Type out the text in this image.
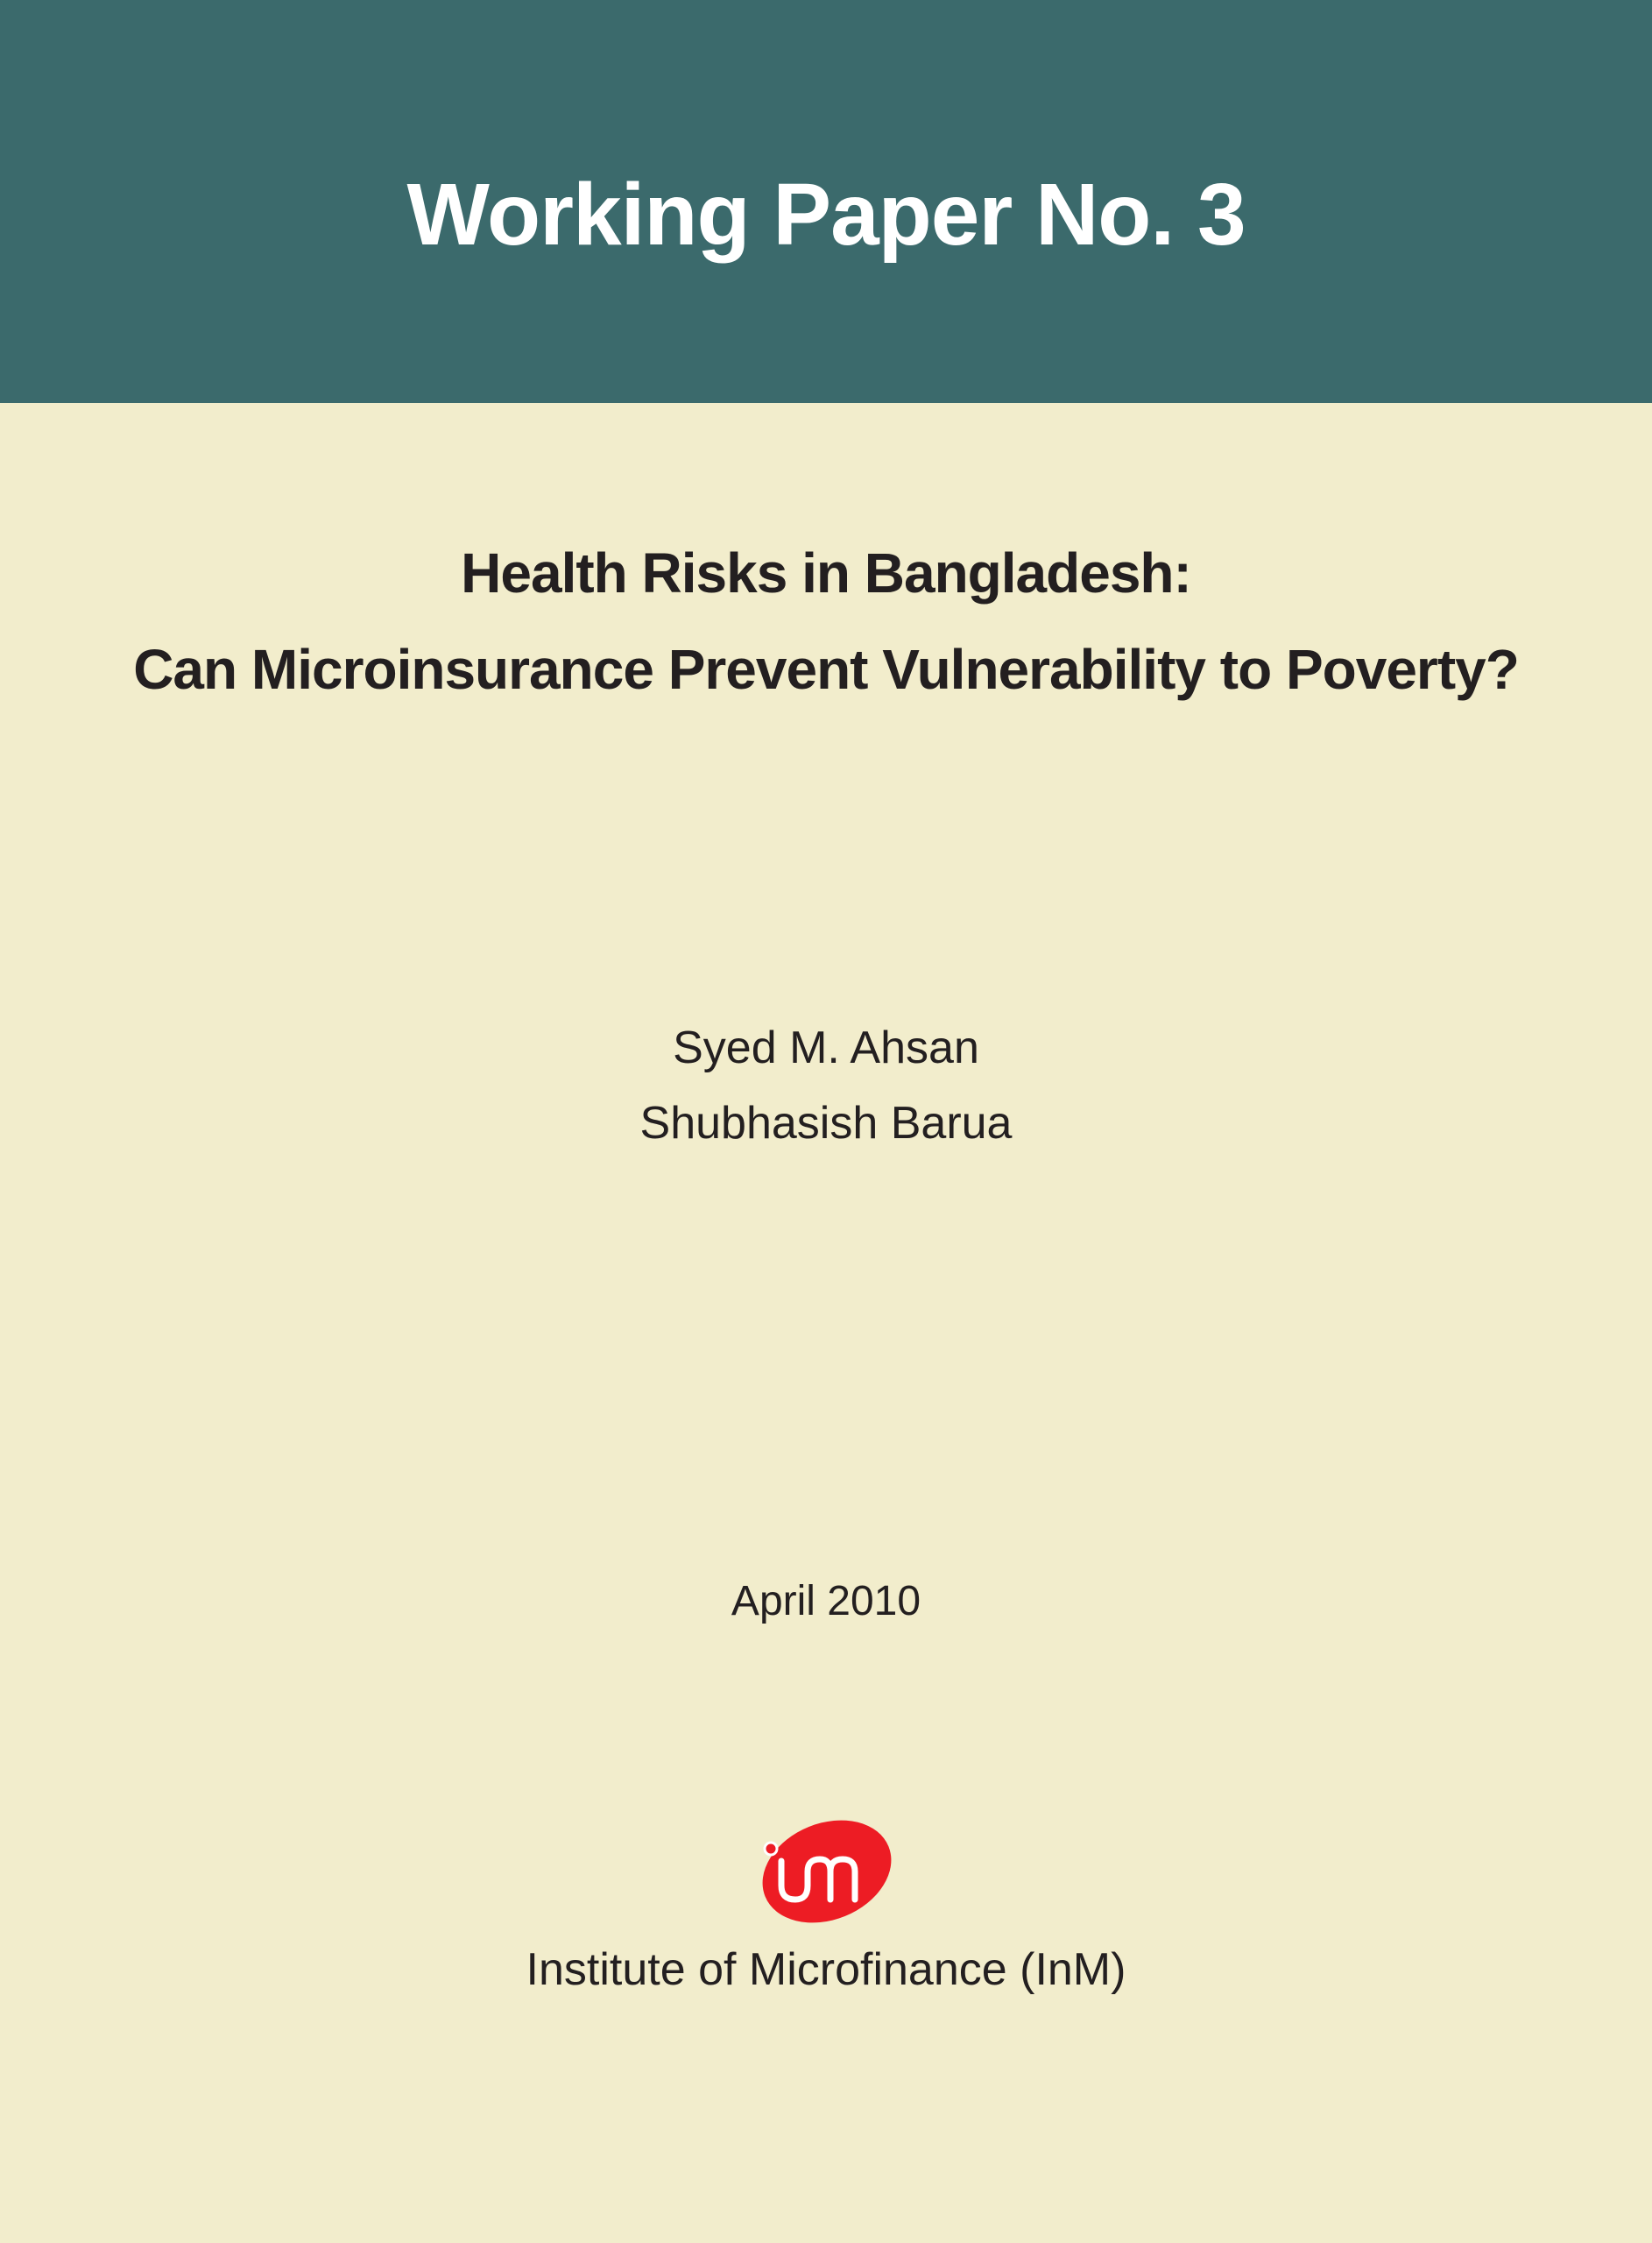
Working Paper No. 3
Health Risks in Bangladesh:
Can Microinsurance Prevent Vulnerability to Poverty?
Syed M. Ahsan
Shubhasish Barua
April 2010
Institute of Microfinance (InM)
